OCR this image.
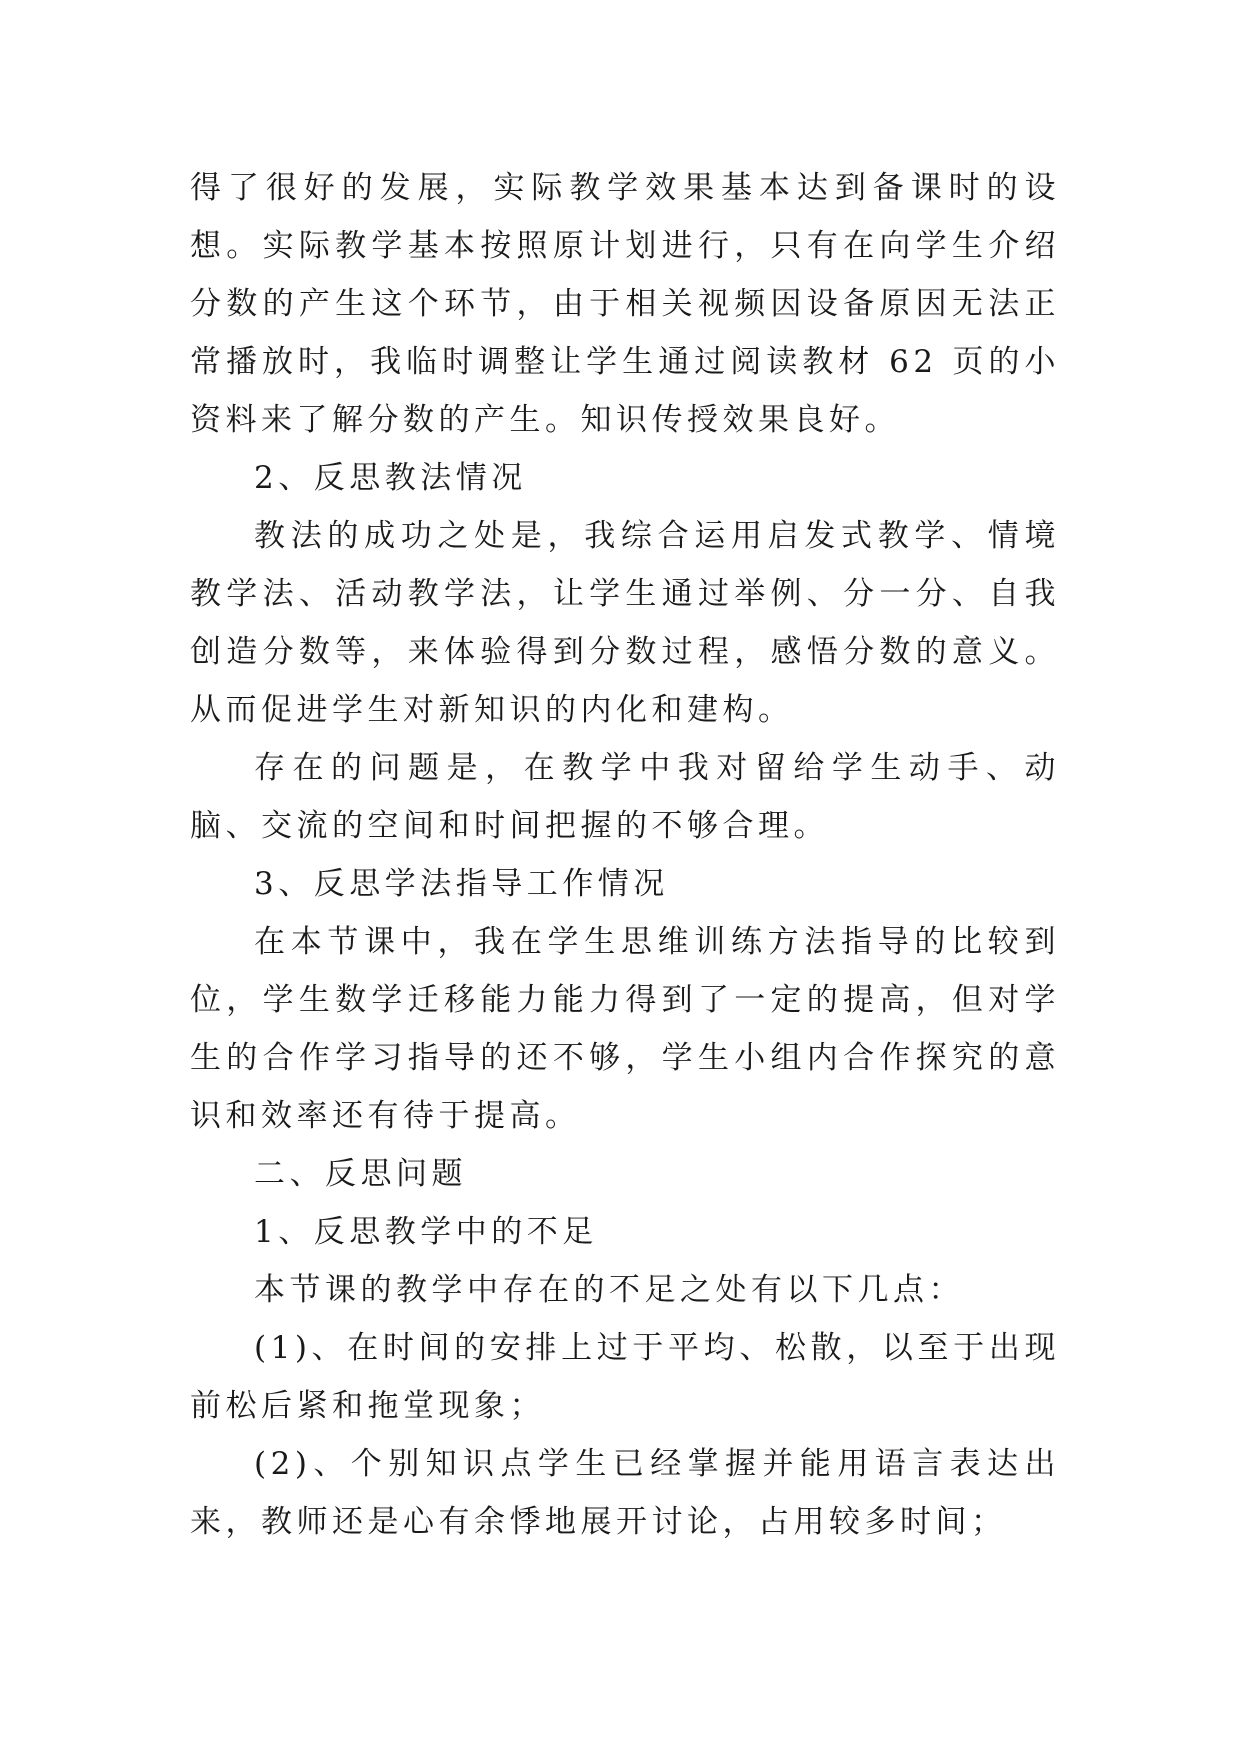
得了很好的发展，实际教学效果基本达到备课时的设想。实际教学基本按照原计划进行，只有在向学生介绍分数的产生这个环节，由于相关视频因设备原因无法正常播放时，我临时调整让学生通过阅读教材 62 页的小资料来了解分数的产生。知识传授效果良好。

2、反思教法情况

教法的成功之处是，我综合运用启发式教学、情境教学法、活动教学法，让学生通过举例、分一分、自我创造分数等，来体验得到分数过程，感悟分数的意义。从而促进学生对新知识的内化和建构。

存在的问题是，在教学中我对留给学生动手、动脑、交流的空间和时间把握的不够合理。

3、反思学法指导工作情况

在本节课中，我在学生思维训练方法指导的比较到位，学生数学迁移能力能力得到了一定的提高，但对学生的合作学习指导的还不够，学生小组内合作探究的意识和效率还有待于提高。

二、反思问题

1、反思教学中的不足

本节课的教学中存在的不足之处有以下几点：

(1)、在时间的安排上过于平均、松散，以至于出现前松后紧和拖堂现象；

(2)、个别知识点学生已经掌握并能用语言表达出来，教师还是心有余悸地展开讨论，占用较多时间；
